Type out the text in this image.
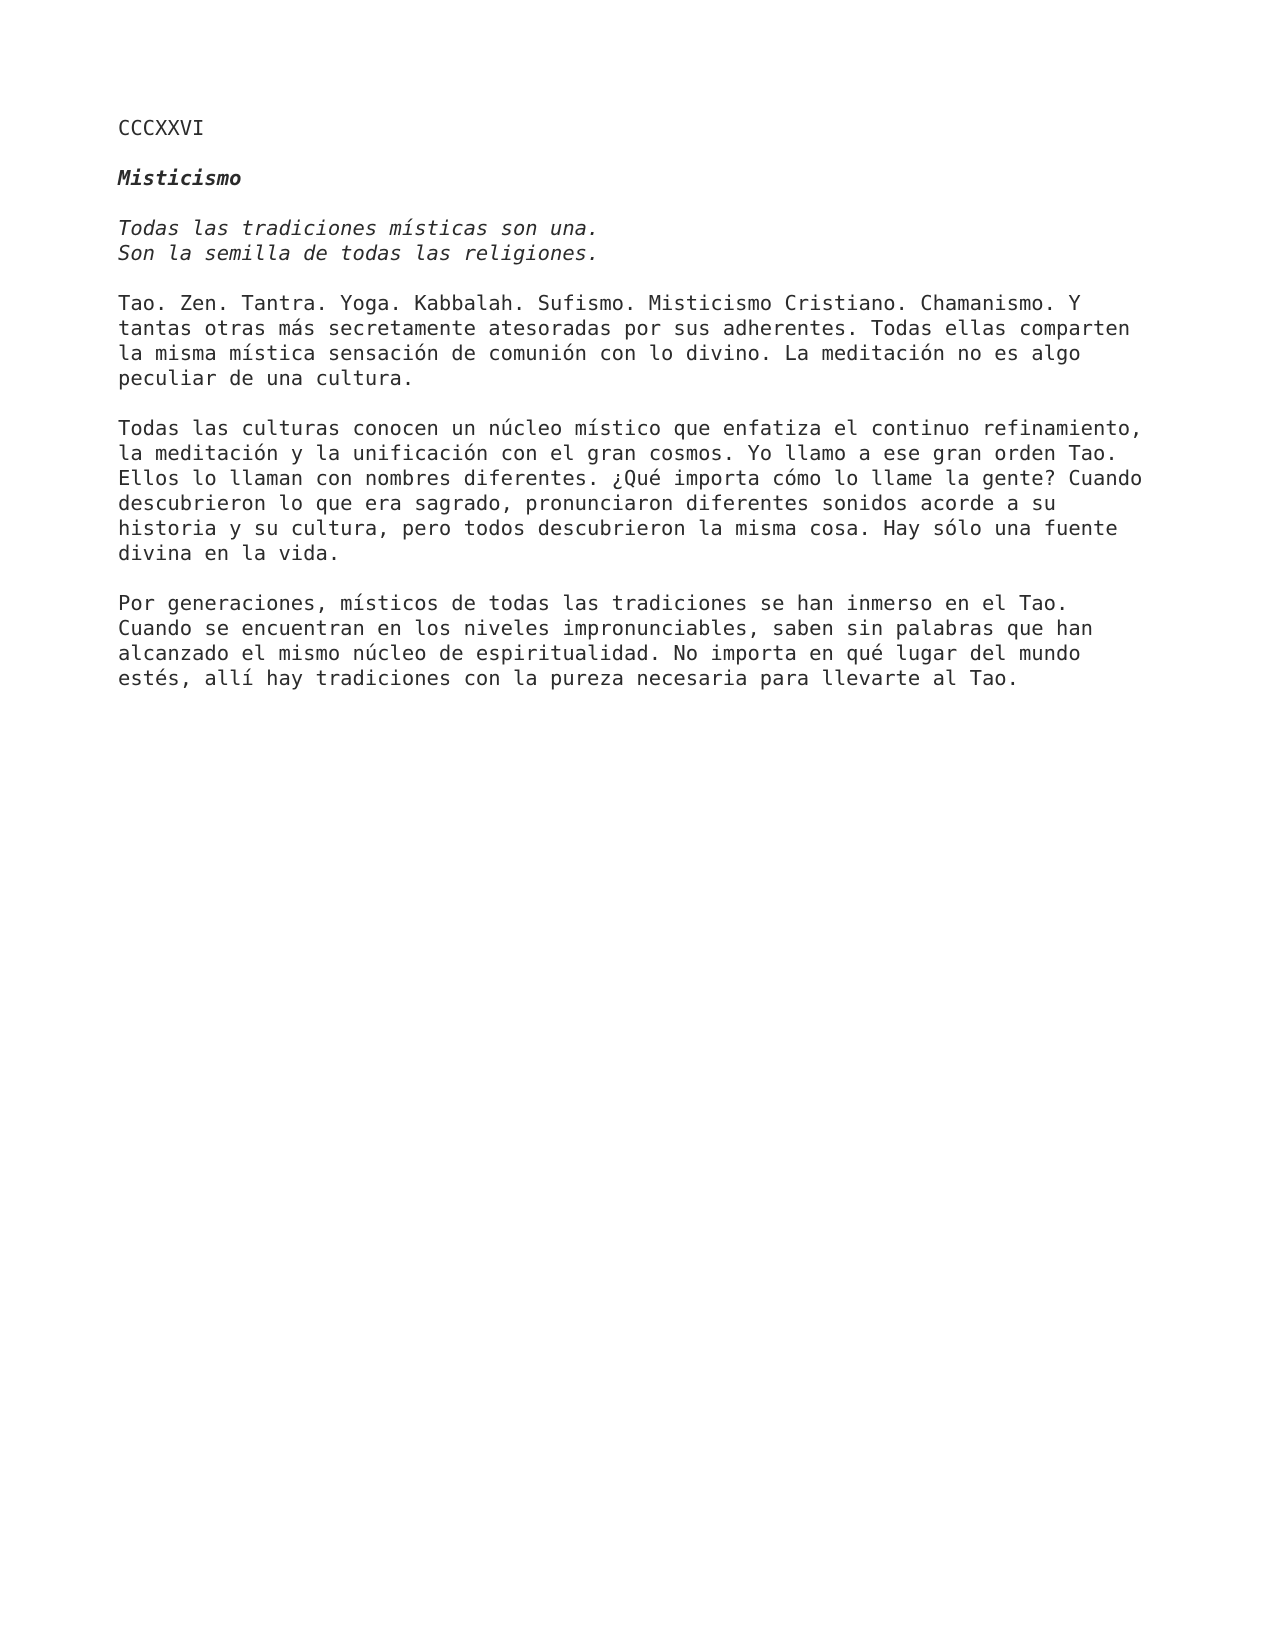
CCCXXVI
Misticismo
Todas las tradiciones místicas son una.
Son la semilla de todas las religiones.
Tao. Zen. Tantra. Yoga. Kabbalah. Sufismo. Misticismo Cristiano. Chamanismo. Y
tantas otras más secretamente atesoradas por sus adherentes. Todas ellas comparten
la misma mística sensación de comunión con lo divino. La meditación no es algo
peculiar de una cultura.
Todas las culturas conocen un núcleo místico que enfatiza el continuo refinamiento,
la meditación y la unificación con el gran cosmos. Yo llamo a ese gran orden Tao.
Ellos lo llaman con nombres diferentes. ¿Qué importa cómo lo llame la gente? Cuando
descubrieron lo que era sagrado, pronunciaron diferentes sonidos acorde a su
historia y su cultura, pero todos descubrieron la misma cosa. Hay sólo una fuente
divina en la vida.
Por generaciones, místicos de todas las tradiciones se han inmerso en el Tao.
Cuando se encuentran en los niveles impronunciables, saben sin palabras que han
alcanzado el mismo núcleo de espiritualidad. No importa en qué lugar del mundo
estés, allí hay tradiciones con la pureza necesaria para llevarte al Tao.
